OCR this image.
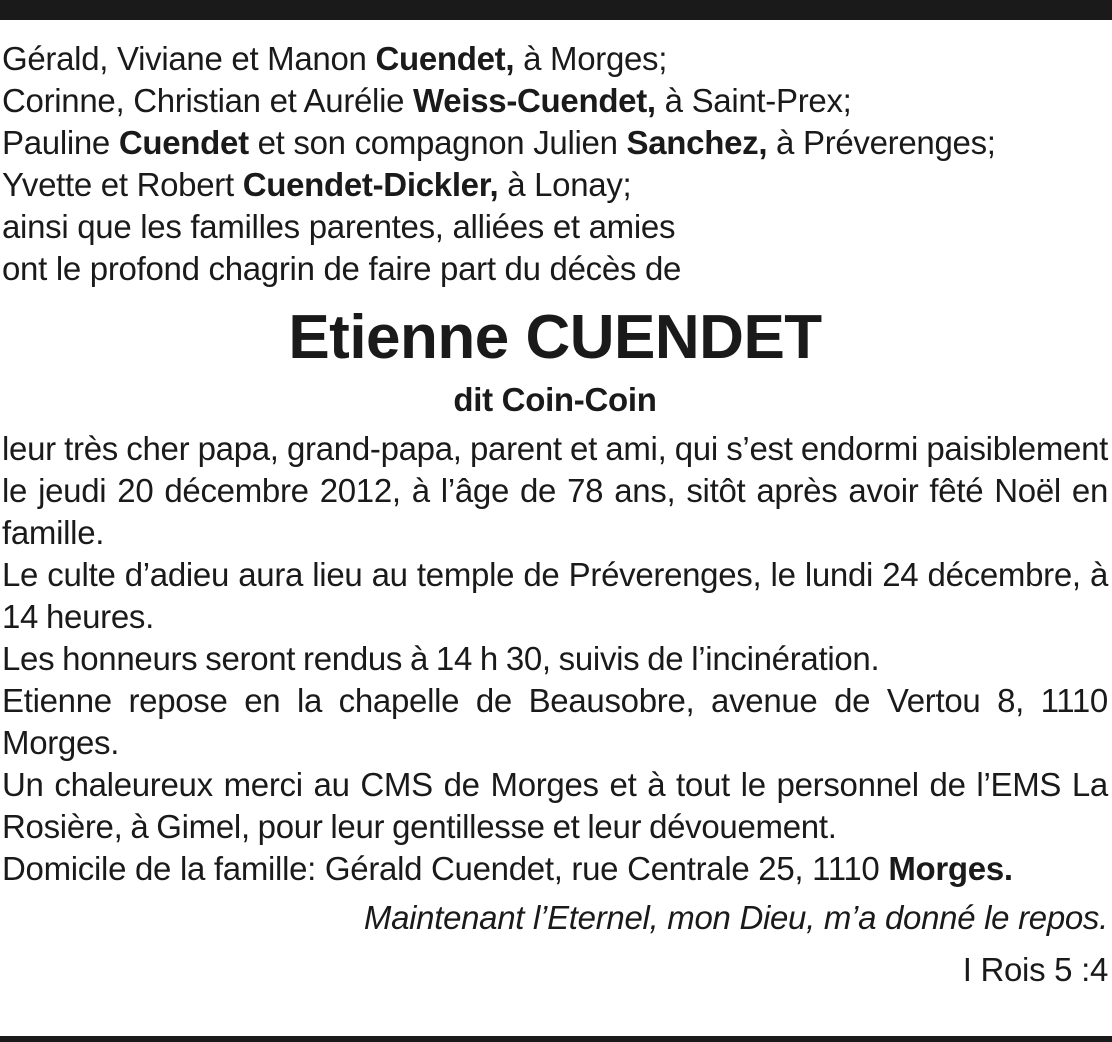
Gérald, Viviane et Manon Cuendet, à Morges;
Corinne, Christian et Aurélie Weiss-Cuendet, à Saint-Prex;
Pauline Cuendet et son compagnon Julien Sanchez, à Préverenges;
Yvette et Robert Cuendet-Dickler, à Lonay;
ainsi que les familles parentes, alliées et amies
ont le profond chagrin de faire part du décès de
Etienne CUENDET
dit Coin-Coin
leur très cher papa, grand-papa, parent et ami, qui s’est endormi paisiblement le jeudi 20 décembre 2012, à l’âge de 78 ans, sitôt après avoir fêté Noël en famille.
Le culte d’adieu aura lieu au temple de Préverenges, le lundi 24 décembre, à 14 heures.
Les honneurs seront rendus à 14 h 30, suivis de l’incinération.
Etienne repose en la chapelle de Beausobre, avenue de Vertou 8, 1110 Morges.
Un chaleureux merci au CMS de Morges et à tout le personnel de l’EMS La Rosière, à Gimel, pour leur gentillesse et leur dévouement.
Domicile de la famille: Gérald Cuendet, rue Centrale 25, 1110 Morges.
Maintenant l’Eternel, mon Dieu, m’a donné le repos.
I Rois 5 :4
